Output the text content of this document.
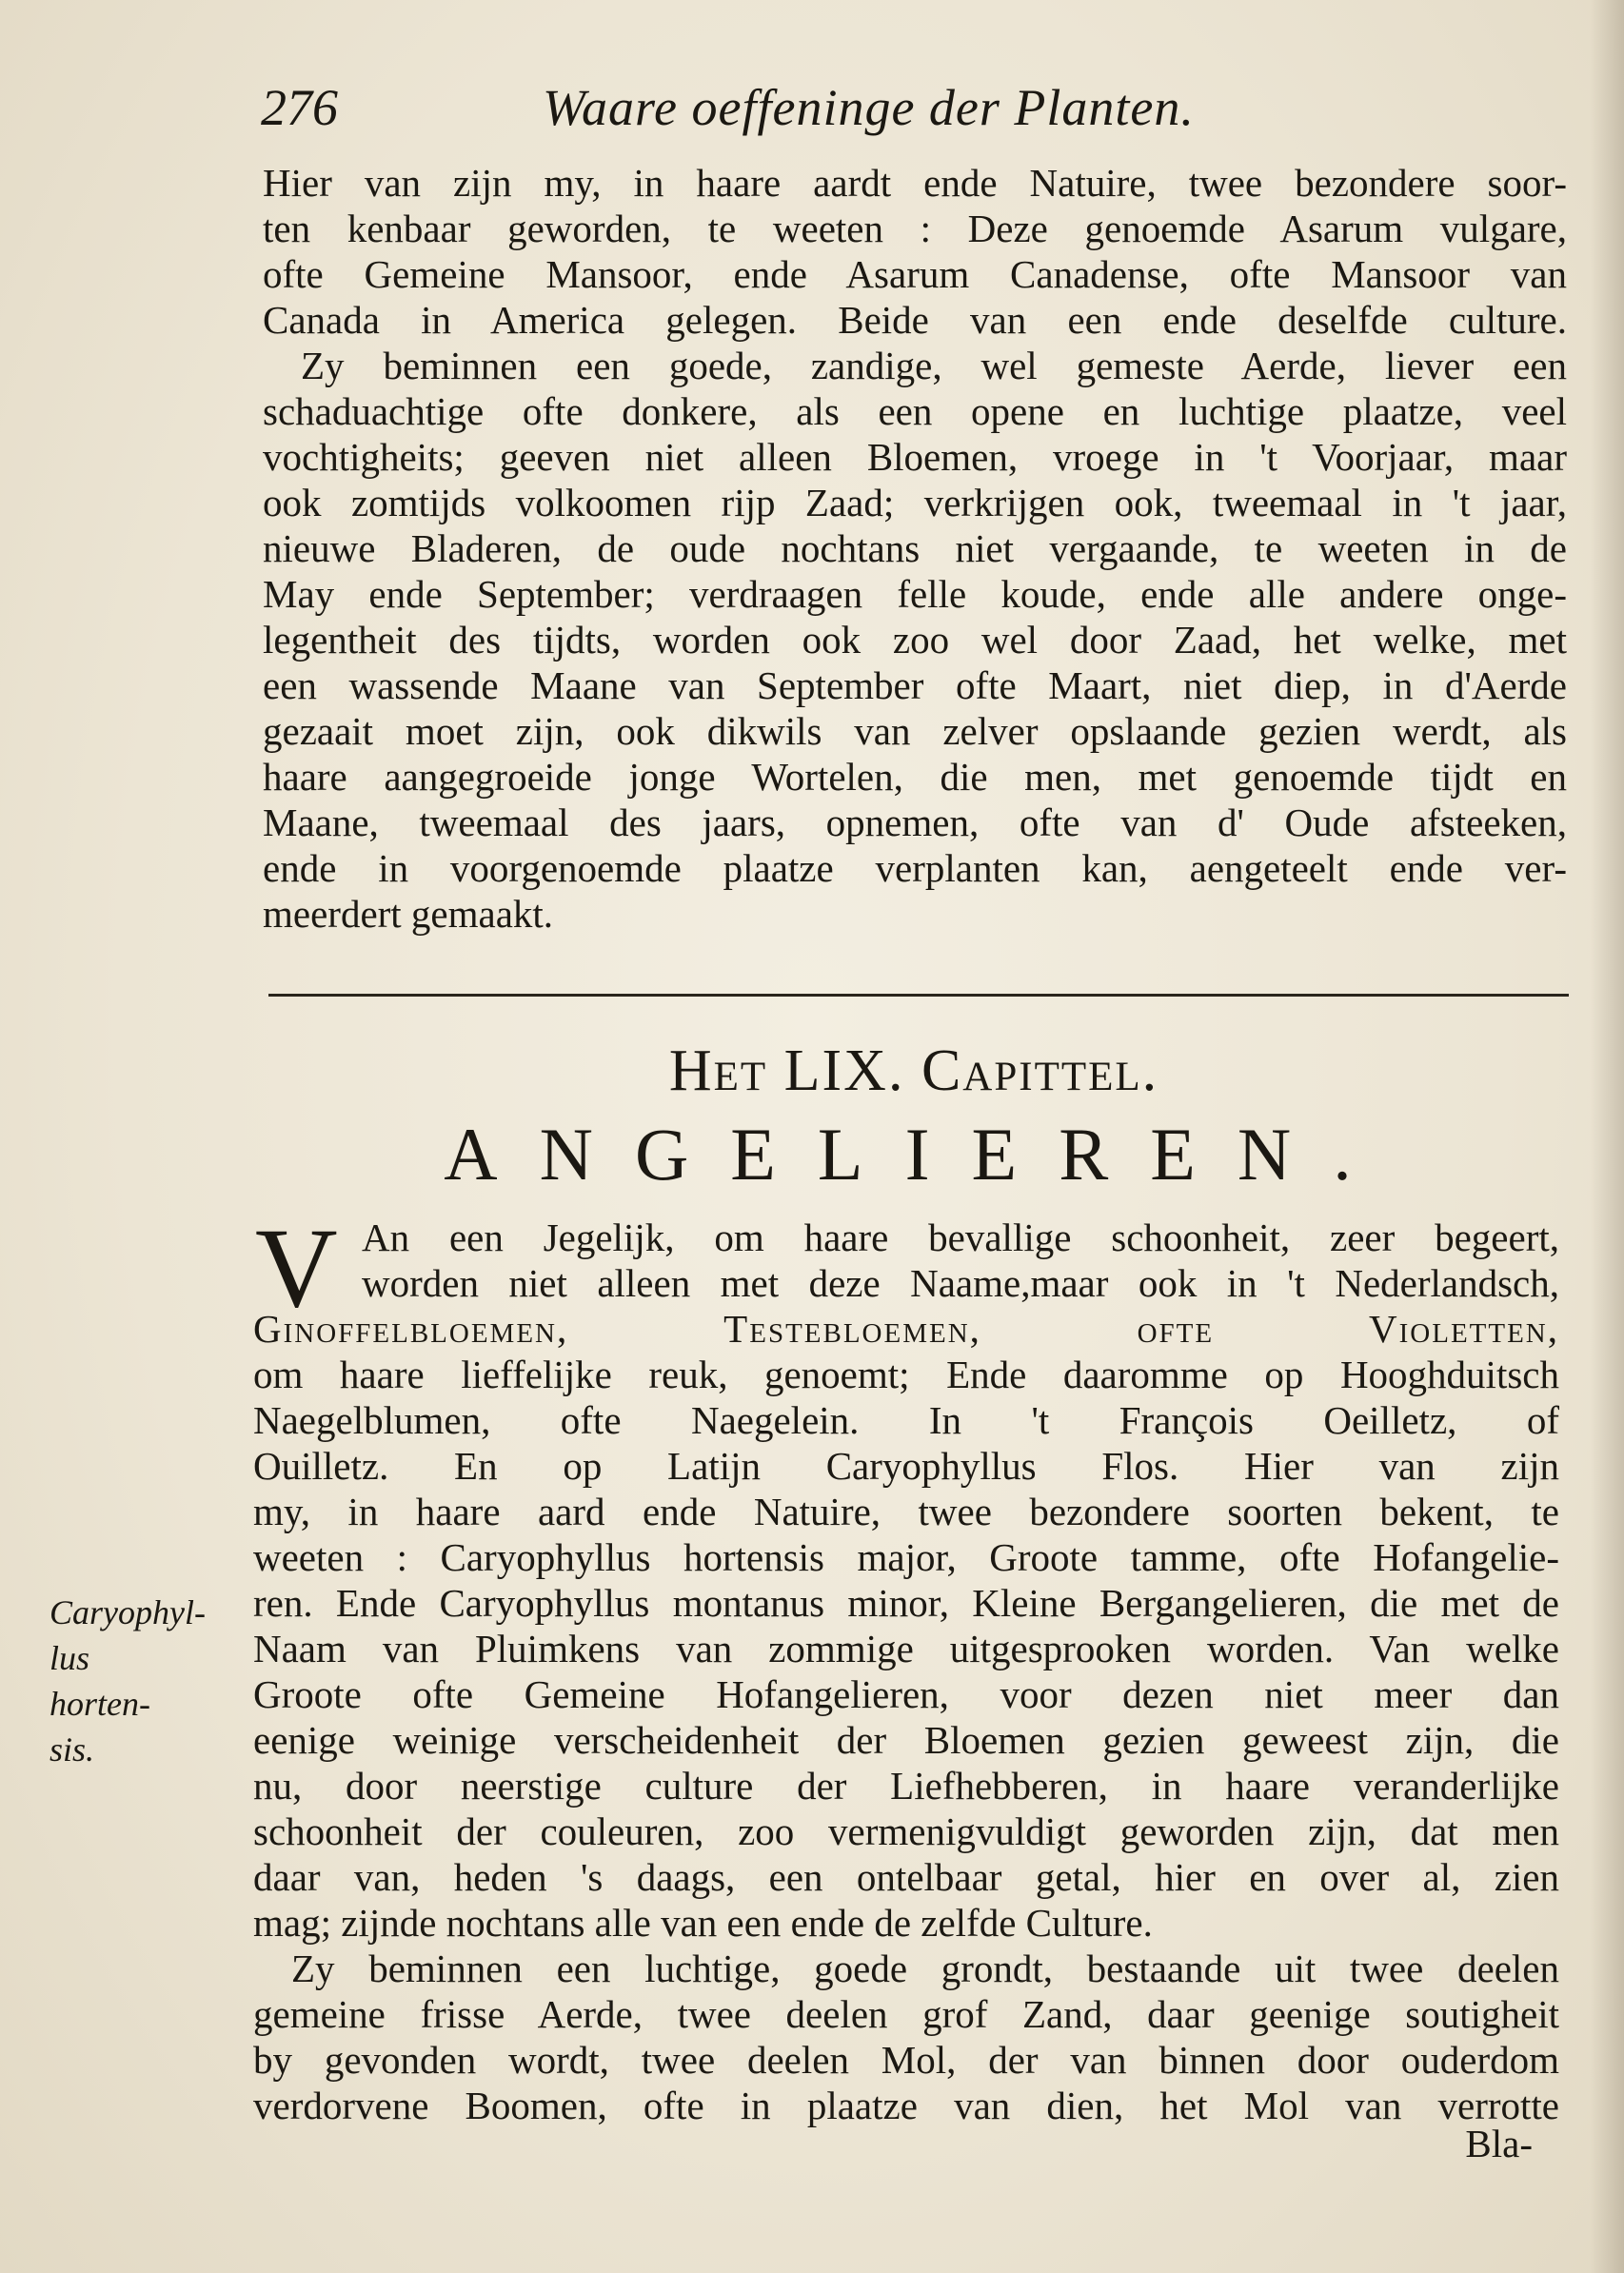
276	Waare oeffeninge der Planten.
Hier van zijn my, in haare aardt ende Natuire, twee bezondere soor-
ten kenbaar geworden, te weeten : Deze genoemde Asarum vulgare,
ofte Gemeine Mansoor, ende Asarum Canadense, ofte Mansoor van
Canada in America gelegen. Beide van een ende deselfde culture.
Zy beminnen een goede, zandige, wel gemeste Aerde, liever een
schaduachtige ofte donkere, als een opene en luchtige plaatze, veel
vochtigheits; geeven niet alleen Bloemen, vroege in 't Voorjaar, maar
ook zomtijds volkoomen rijp Zaad; verkrijgen ook, tweemaal in 't jaar,
nieuwe Bladeren, de oude nochtans niet vergaande, te weeten in de
May ende September; verdraagen felle koude, ende alle andere onge-
legentheit des tijdts, worden ook zoo wel door Zaad, het welke, met
een wassende Maane van September ofte Maart, niet diep, in d'Aerde
gezaait moet zijn, ook dikwils van zelver opslaande gezien werdt, als
haare aangegroeide jonge Wortelen, die men, met genoemde tijdt en
Maane, tweemaal des jaars, opnemen, ofte van d' Oude afsteeken,
ende in voorgenoemde plaatze verplanten kan, aengeteelt ende ver-
meerdert gemaakt.
Het LIX. Capittel.
ANGELIEREN.
V An een Jegelijk, om haare bevallige schoonheit, zeer begeert,
worden niet alleen met deze Naame,maar ook in 't Nederlandsch,
Ginoffelbloemen, Testebloemen, ofte Violetten,
om haare lieffelijke reuk, genoemt; Ende daaromme op Hooghduitsch
Naegelblumen, ofte Naegelein. In 't François Oeilletz, of
Ouilletz. En op Latijn Caryophyllus Flos. Hier van zijn
my, in haare aard ende Natuire, twee bezondere soorten bekent, te
weeten : Caryophyllus hortensis major, Groote tamme, ofte Hofangelie-
ren. Ende Caryophyllus montanus minor, Kleine Bergangelieren, die met de
Naam van Pluimkens van zommige uitgesprooken worden. Van welke
Groote ofte Gemeine Hofangelieren, voor dezen niet meer dan
eenige weinige verscheidenheit der Bloemen gezien geweest zijn, die
nu, door neerstige culture der Liefhebberen, in haare veranderlijke
schoonheit der couleuren, zoo vermenigvuldigt geworden zijn, dat men
daar van, heden 's daags, een ontelbaar getal, hier en over al, zien
mag; zijnde nochtans alle van een ende de zelfde Culture.
Zy beminnen een luchtige, goede grondt, bestaande uit twee deelen
gemeine frisse Aerde, twee deelen grof Zand, daar geenige soutigheit
by gevonden wordt, twee deelen Mol, der van binnen door ouderdom
verdorvene Boomen, ofte in plaatze van dien, het Mol van verrotte
Bla-
Caryophyl- lus horten- sis.
